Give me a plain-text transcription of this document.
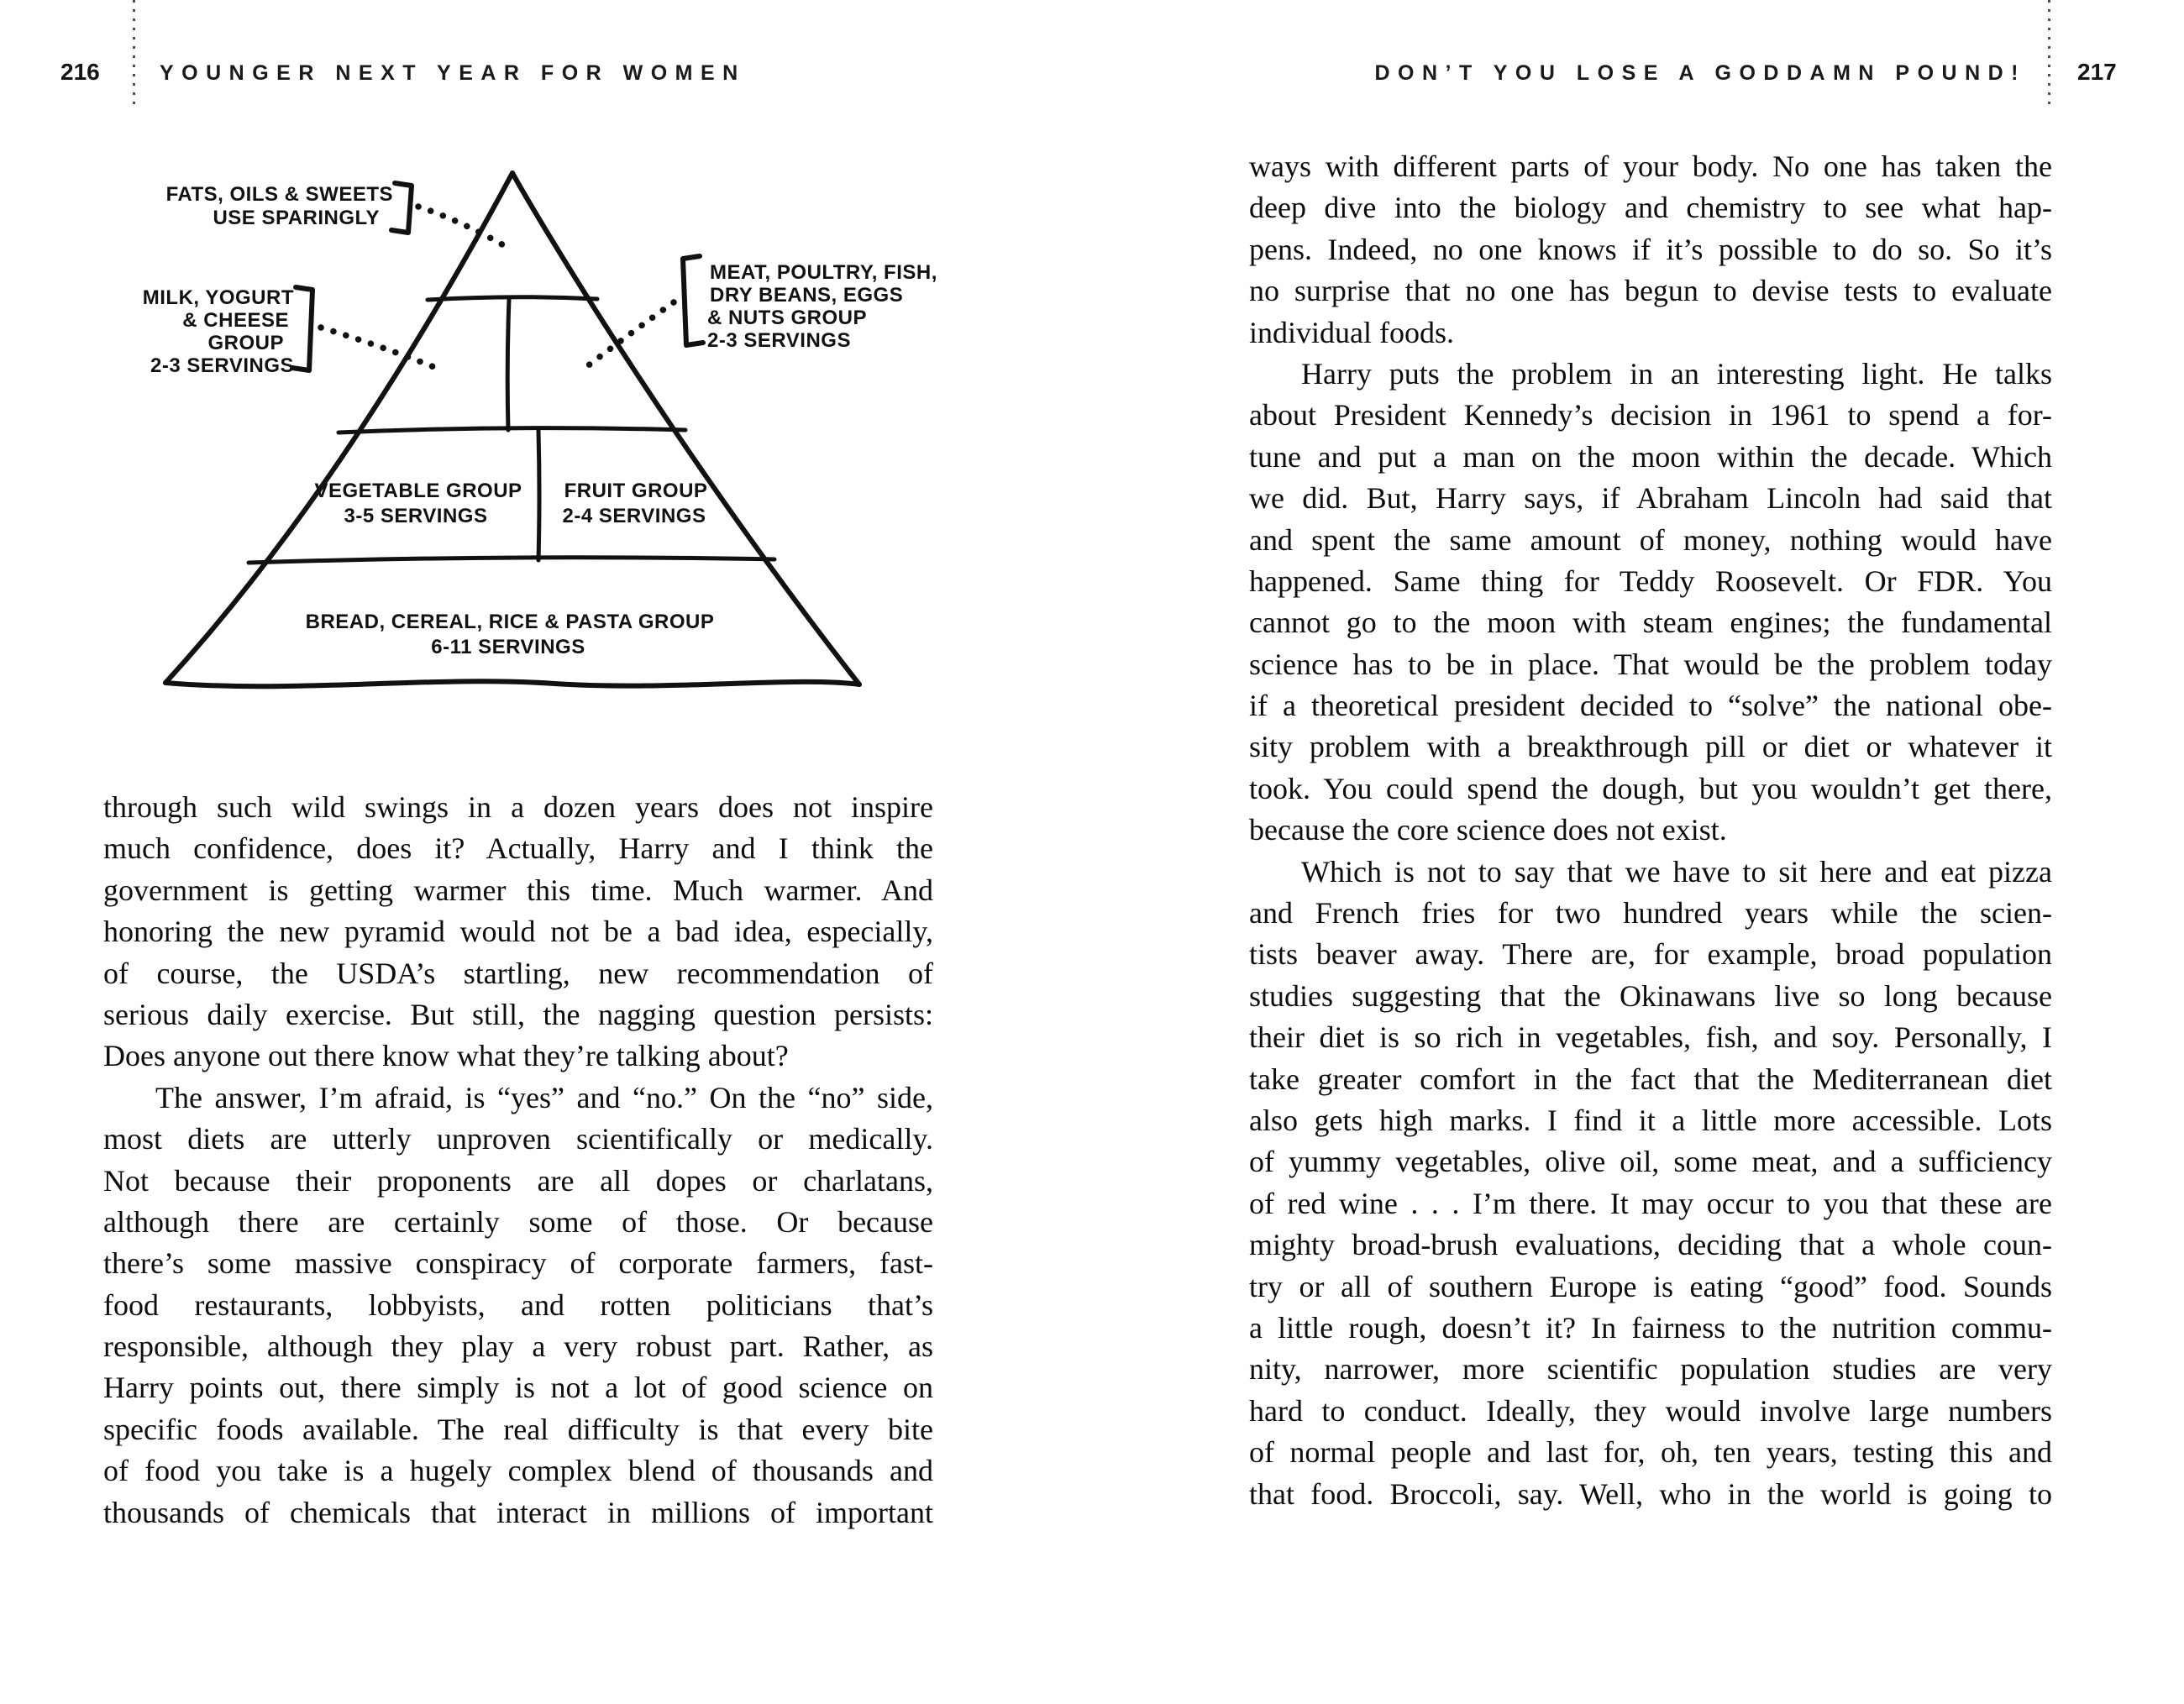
216	YOUNGER NEXT YEAR FOR WOMEN
FATS, OILS & SWEETS
USE SPARINGLY
MILK, YOGURT
& CHEESE
GROUP
2-3 SERVINGS
MEAT, POULTRY, FISH,
DRY BEANS, EGGS
& NUTS GROUP
2-3 SERVINGS
VEGETABLE GROUP
3-5 SERVINGS
FRUIT GROUP
2-4 SERVINGS
BREAD, CEREAL, RICE & PASTA GROUP
6-11 SERVINGS
through such wild swings in a dozen years does not inspire
much confidence, does it? Actually, Harry and I think the
government is getting warmer this time. Much warmer. And
honoring the new pyramid would not be a bad idea, especially,
of course, the USDA’s startling, new recommendation of
serious daily exercise. But still, the nagging question persists:
Does anyone out there know what they’re talking about?
The answer, I’m afraid, is “yes” and “no.” On the “no” side,
most diets are utterly unproven scientifically or medically.
Not because their proponents are all dopes or charlatans,
although there are certainly some of those. Or because
there’s some massive conspiracy of corporate farmers, fast-
food restaurants, lobbyists, and rotten politicians that’s
responsible, although they play a very robust part. Rather, as
Harry points out, there simply is not a lot of good science on
specific foods available. The real difficulty is that every bite
of food you take is a hugely complex blend of thousands and
thousands of chemicals that interact in millions of important
DON’T YOU LOSE A GODDAMN POUND! 217
ways with different parts of your body. No one has taken the
deep dive into the biology and chemistry to see what hap-
pens. Indeed, no one knows if it’s possible to do so. So it’s
no surprise that no one has begun to devise tests to evaluate
individual foods.
Harry puts the problem in an interesting light. He talks
about President Kennedy’s decision in 1961 to spend a for-
tune and put a man on the moon within the decade. Which
we did. But, Harry says, if Abraham Lincoln had said that
and spent the same amount of money, nothing would have
happened. Same thing for Teddy Roosevelt. Or FDR. You
cannot go to the moon with steam engines; the fundamental
science has to be in place. That would be the problem today
if a theoretical president decided to “solve” the national obe-
sity problem with a breakthrough pill or diet or whatever it
took. You could spend the dough, but you wouldn’t get there,
because the core science does not exist.
Which is not to say that we have to sit here and eat pizza
and French fries for two hundred years while the scien-
tists beaver away. There are, for example, broad population
studies suggesting that the Okinawans live so long because
their diet is so rich in vegetables, fish, and soy. Personally, I
take greater comfort in the fact that the Mediterranean diet
also gets high marks. I find it a little more accessible. Lots
of yummy vegetables, olive oil, some meat, and a sufficiency
of red wine . . . I’m there. It may occur to you that these are
mighty broad-brush evaluations, deciding that a whole coun-
try or all of southern Europe is eating “good” food. Sounds
a little rough, doesn’t it? In fairness to the nutrition commu-
nity, narrower, more scientific population studies are very
hard to conduct. Ideally, they would involve large numbers
of normal people and last for, oh, ten years, testing this and
that food. Broccoli, say. Well, who in the world is going to
